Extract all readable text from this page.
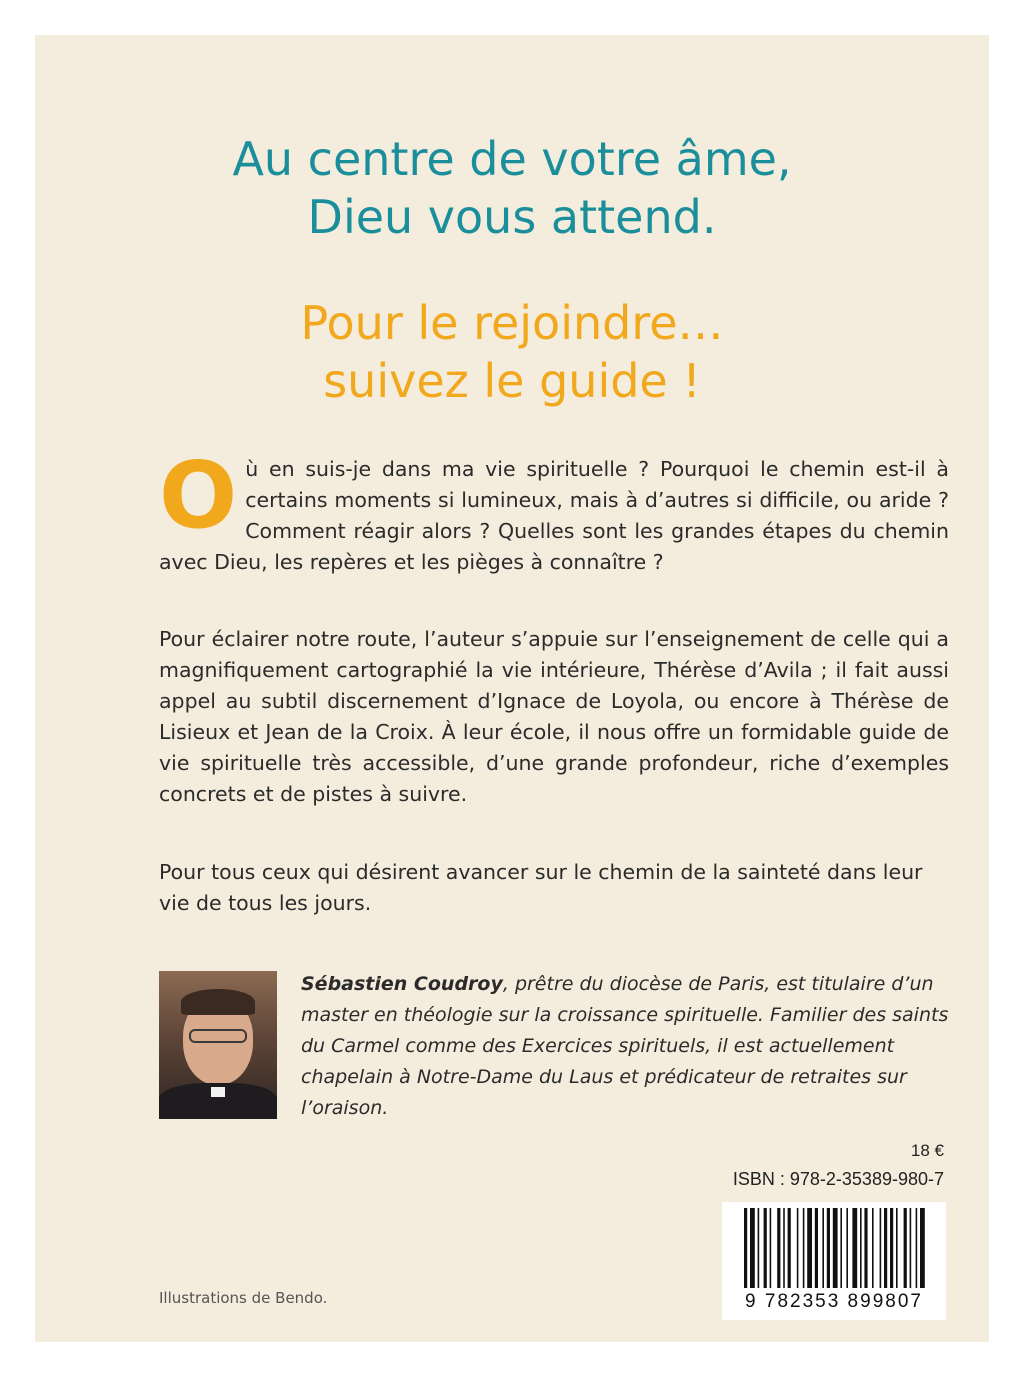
Au centre de votre âme,
Dieu vous attend.
Pour le rejoindre…
suivez le guide !

Où en suis-je dans ma vie spirituelle ? Pourquoi le chemin est-il à certains moments si lumineux, mais à d’autres si difficile, ou aride ? Comment réagir alors ? Quelles sont les grandes étapes du chemin avec Dieu, les repères et les pièges à connaître ?

Pour éclairer notre route, l’auteur s’appuie sur l’enseignement de celle qui a magnifiquement cartographié la vie intérieure, Thérèse d’Avila ; il fait aussi appel au subtil discernement d’Ignace de Loyola, ou encore à Thérèse de Lisieux et Jean de la Croix. À leur école, il nous offre un formidable guide de vie spirituelle très accessible, d’une grande profondeur, riche d’exemples concrets et de pistes à suivre.

Pour tous ceux qui désirent avancer sur le chemin de la sainteté dans leur vie de tous les jours.

Sébastien Coudroy, prêtre du diocèse de Paris, est titulaire d’un master en théologie sur la croissance spirituelle. Familier des saints du Carmel comme des Exercices spirituels, il est actuellement chapelain à Notre-Dame du Laus et prédicateur de retraites sur l’oraison.

18 €
ISBN : 978-2-35389-980-7
9 782353 899807
Illustrations de Bendo.
